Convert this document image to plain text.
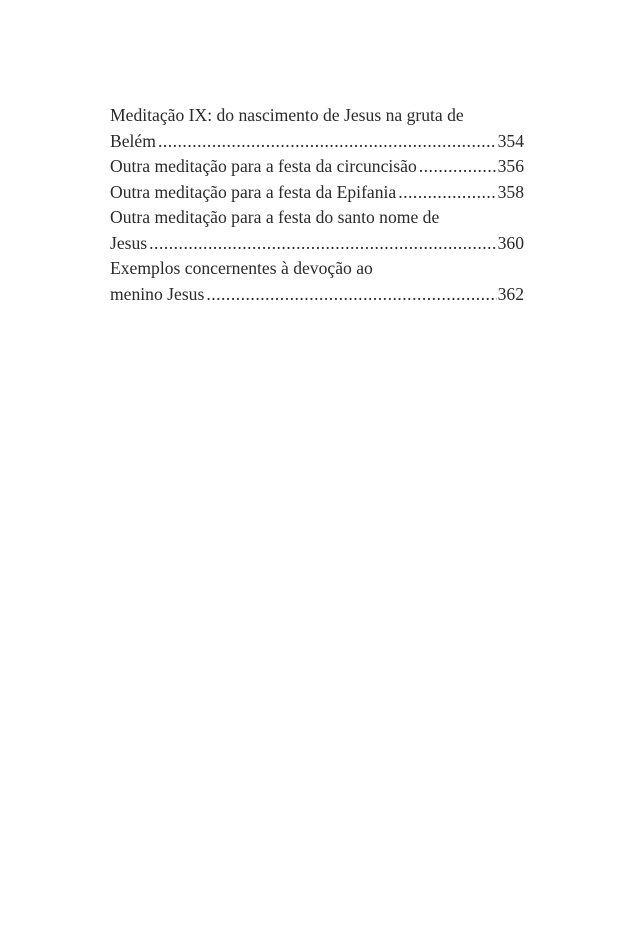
Meditação IX: do nascimento de Jesus na gruta de
Belém .....	354
Outra meditação para a festa da circuncisão .....	356
Outra meditação para a festa da Epifania .....	358
Outra meditação para a festa do santo nome de
Jesus .....	360
Exemplos concernentes à devoção ao
menino Jesus .....	362
